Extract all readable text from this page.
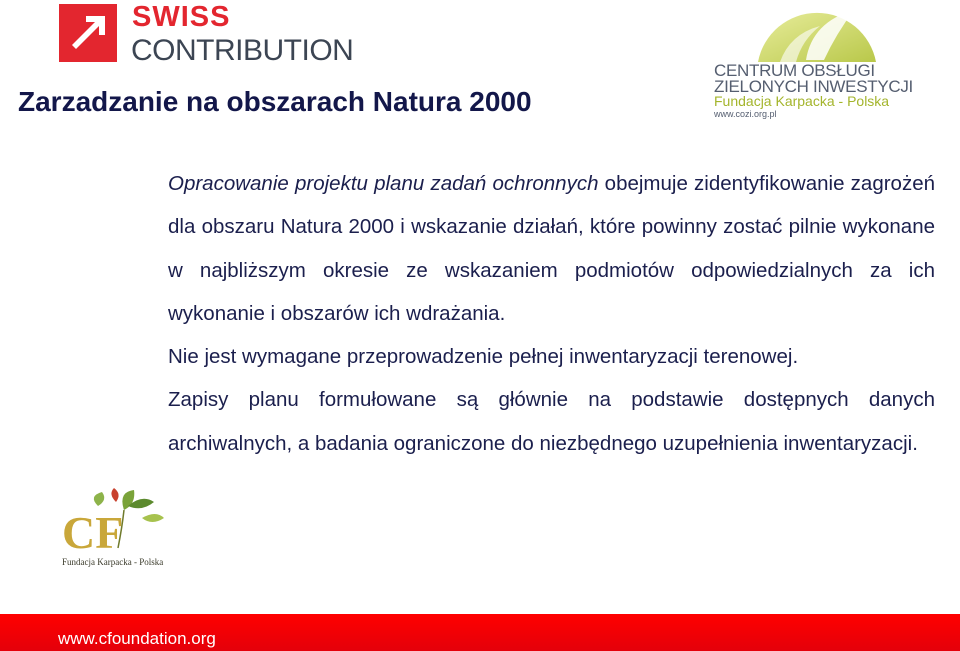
SWISS
CONTRIBUTION
CENTRUM OBSŁUGI
ZIELONYCH INWESTYCJI
Fundacja Karpacka - Polska
www.cozi.org.pl
Zarzadzanie na obszarach Natura 2000

Opracowanie projektu planu zadań ochronnych obejmuje zidentyfikowanie zagrożeń dla obszaru Natura 2000 i wskazanie działań, które powinny zostać pilnie wykonane w najbliższym okresie ze wskazaniem podmiotów odpowiedzialnych za ich wykonanie i obszarów ich wdrażania.

Nie jest wymagane przeprowadzenie pełnej inwentaryzacji terenowej.

Zapisy planu formułowane są głównie na podstawie dostępnych danych archiwalnych, a badania ograniczone do niezbędnego uzupełnienia inwentaryzacji.

CF
Fundacja Karpacka - Polska
www.cfoundation.org
